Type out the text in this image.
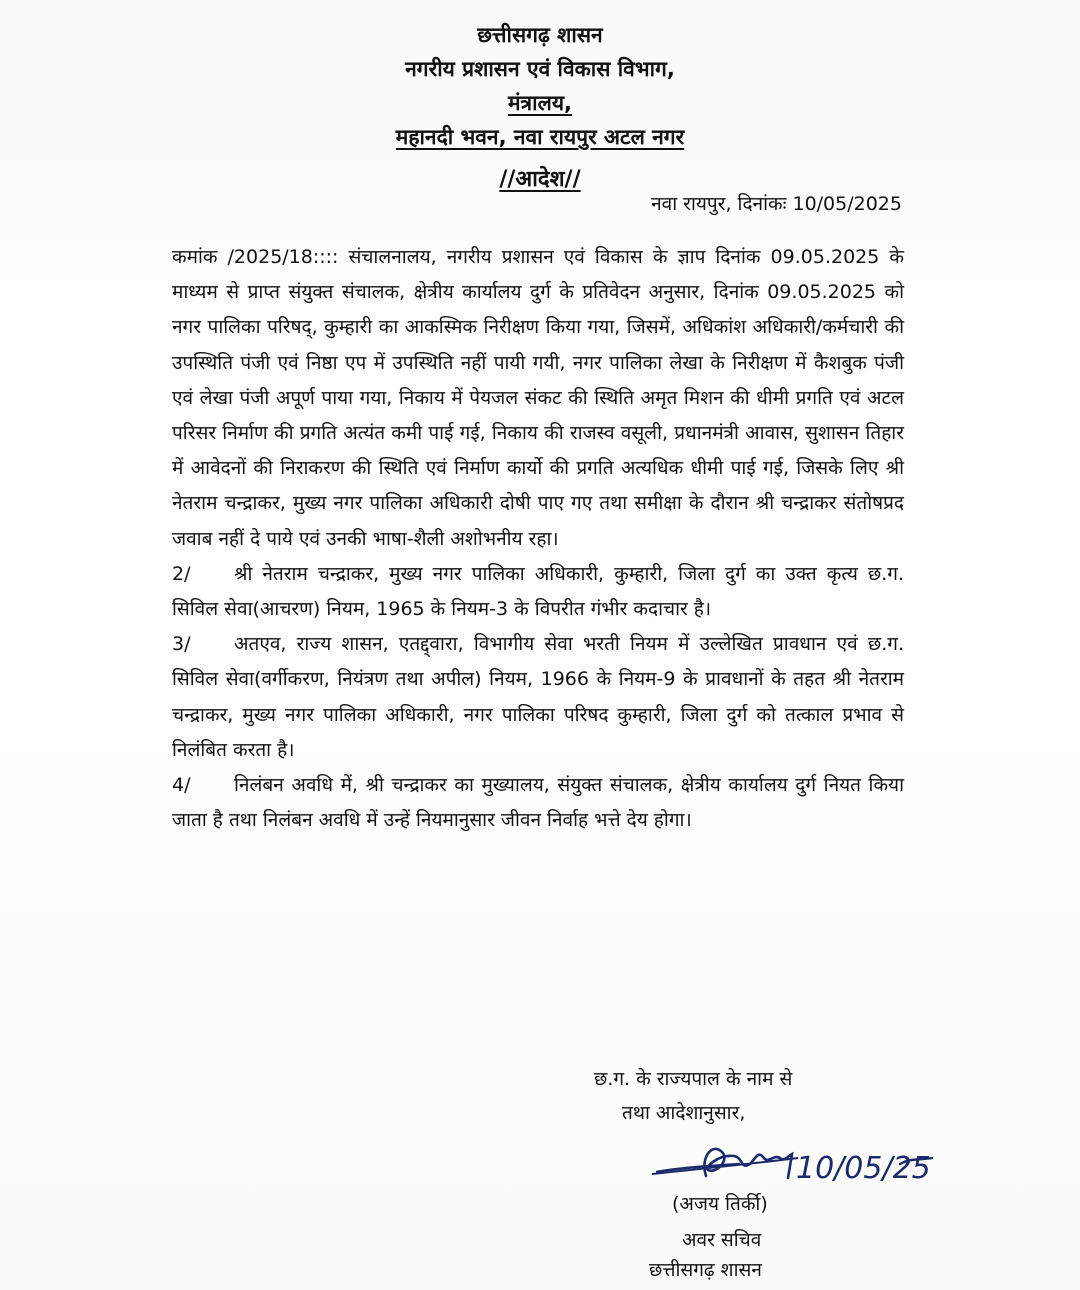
छत्तीसगढ़ शासन
नगरीय प्रशासन एवं विकास विभाग,
मंत्रालय,
महानदी भवन, नवा रायपुर अटल नगर
//आदेश//
नवा रायपुर, दिनांकः 10/05/2025

कमांक /2025/18:::: संचालनालय, नगरीय प्रशासन एवं विकास के ज्ञाप दिनांक 09.05.2025 के माध्यम से प्राप्त संयुक्त संचालक, क्षेत्रीय कार्यालय दुर्ग के प्रतिवेदन अनुसार, दिनांक 09.05.2025 को नगर पालिका परिषद्, कुम्हारी का आकस्मिक निरीक्षण किया गया, जिसमें, अधिकांश अधिकारी/कर्मचारी की उपस्थिति पंजी एवं निष्ठा एप में उपस्थिति नहीं पायी गयी, नगर पालिका लेखा के निरीक्षण में कैशबुक पंजी एवं लेखा पंजी अपूर्ण पाया गया, निकाय में पेयजल संकट की स्थिति अमृत मिशन की धीमी प्रगति एवं अटल परिसर निर्माण की प्रगति अत्यंत कमी पाई गई, निकाय की राजस्व वसूली, प्रधानमंत्री आवास, सुशासन तिहार में आवेदनों की निराकरण की स्थिति एवं निर्माण कार्यो की प्रगति अत्यधिक धीमी पाई गई, जिसके लिए श्री नेतराम चन्द्राकर, मुख्य नगर पालिका अधिकारी दोषी पाए गए तथा समीक्षा के दौरान श्री चन्द्राकर संतोषप्रद जवाब नहीं दे पाये एवं उनकी भाषा-शैली अशोभनीय रहा।

2/ श्री नेतराम चन्द्राकर, मुख्य नगर पालिका अधिकारी, कुम्हारी, जिला दुर्ग का उक्त कृत्य छ.ग. सिविल सेवा(आचरण) नियम, 1965 के नियम-3 के विपरीत गंभीर कदाचार है।

3/ अतएव, राज्य शासन, एतद्द्वारा, विभागीय सेवा भरती नियम में उल्लेखित प्रावधान एवं छ.ग. सिविल सेवा(वर्गीकरण, नियंत्रण तथा अपील) नियम, 1966 के नियम-9 के प्रावधानों के तहत श्री नेतराम चन्द्राकर, मुख्य नगर पालिका अधिकारी, नगर पालिका परिषद कुम्हारी, जिला दुर्ग को तत्काल प्रभाव से निलंबित करता है।

4/ निलंबन अवधि में, श्री चन्द्राकर का मुख्यालय, संयुक्त संचालक, क्षेत्रीय कार्यालय दुर्ग नियत किया जाता है तथा निलंबन अवधि में उन्हें नियमानुसार जीवन निर्वाह भत्ते देय होगा।

छ.ग. के राज्यपाल के नाम से
तथा आदेशानुसार,
10/05/25
(अजय तिर्की)
अवर सचिव
छत्तीसगढ़ शासन
